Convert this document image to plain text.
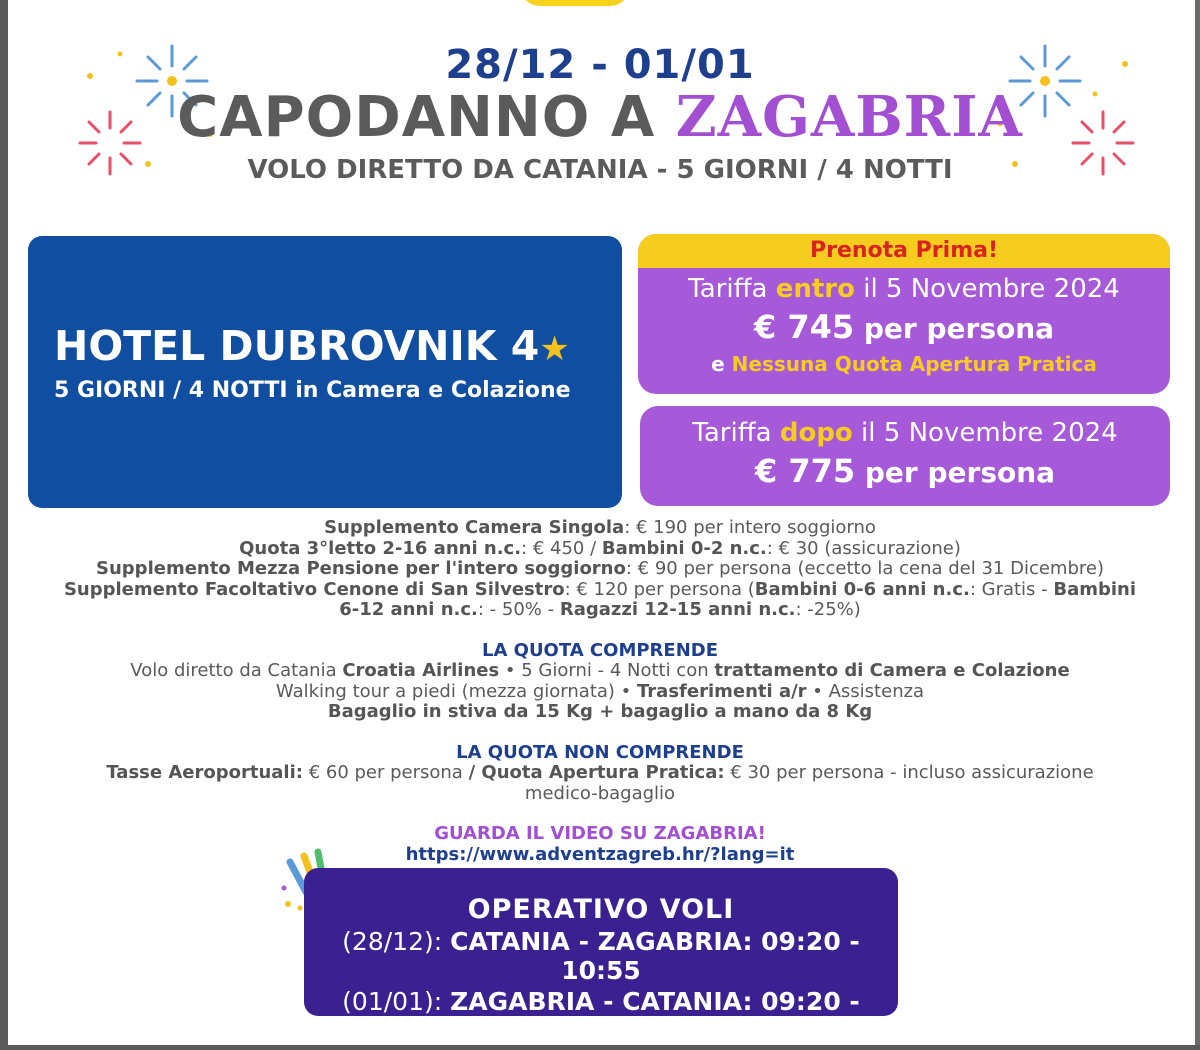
28/12 - 01/01
CAPODANNO A ZAGABRIA
VOLO DIRETTO DA CATANIA - 5 GIORNI / 4 NOTTI
HOTEL DUBROVNIK 4★
5 GIORNI / 4 NOTTI in Camera e Colazione
Prenota Prima!
Tariffa entro il 5 Novembre 2024
€ 745 per persona
e Nessuna Quota Apertura Pratica
Tariffa dopo il 5 Novembre 2024
€ 775 per persona
Supplemento Camera Singola: € 190 per intero soggiorno
Quota 3°letto 2-16 anni n.c.: € 450 / Bambini 0-2 n.c.: € 30 (assicurazione)
Supplemento Mezza Pensione per l'intero soggiorno: € 90 per persona (eccetto la cena del 31 Dicembre)
Supplemento Facoltativo Cenone di San Silvestro: € 120 per persona (Bambini 0-6 anni n.c.: Gratis - Bambini
6-12 anni n.c.: - 50% - Ragazzi 12-15 anni n.c.: -25%)
LA QUOTA COMPRENDE
Volo diretto da Catania Croatia Airlines • 5 Giorni - 4 Notti con trattamento di Camera e Colazione
Walking tour a piedi (mezza giornata) • Trasferimenti a/r • Assistenza
Bagaglio in stiva da 15 Kg + bagaglio a mano da 8 Kg
LA QUOTA NON COMPRENDE
Tasse Aeroportuali: € 60 per persona / Quota Apertura Pratica: € 30 per persona - incluso assicurazione
medico-bagaglio
GUARDA IL VIDEO SU ZAGABRIA!
https://www.adventzagreb.hr/?lang=it
OPERATIVO VOLI
(28/12): CATANIA - ZAGABRIA: 09:20 - 10:55
(01/01): ZAGABRIA - CATANIA: 09:20 - 10:55
